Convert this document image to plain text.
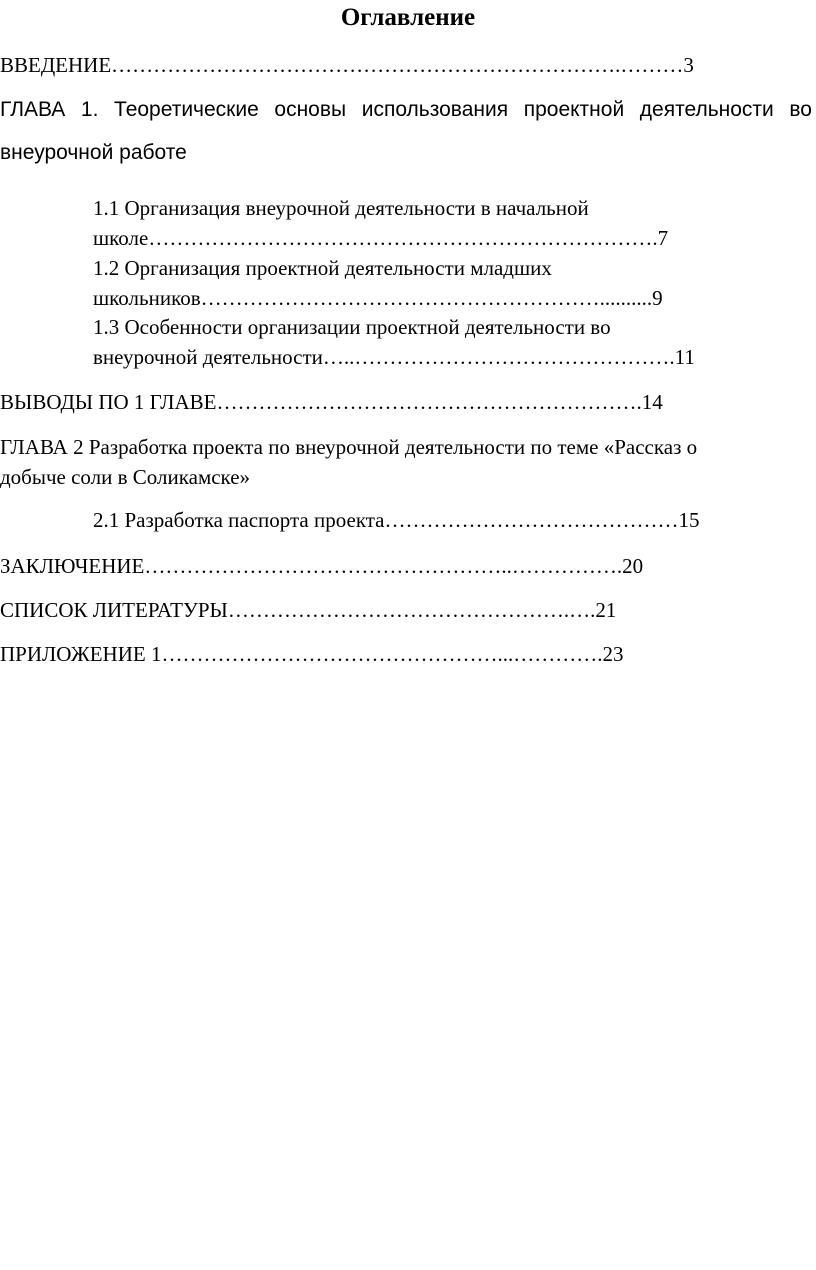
Оглавление
ВВЕДЕНИЕ……………………………………………………………….………3
ГЛАВА 1. Теоретические основы использования проектной деятельности во
внеурочной работе
1.1 Организация внеурочной деятельности в начальной
школе……………………………………………………………….7
1.2 Организация проектной деятельности младших
школьников…………………………………………………..........9
1.3 Особенности организации проектной деятельности во
внеурочной деятельности…..……………………………………….11
ВЫВОДЫ ПО 1 ГЛАВЕ…………………………………………………….14
ГЛАВА 2 Разработка проекта по внеурочной деятельности по теме «Рассказ о
добыче соли в Соликамске»
2.1 Разработка паспорта проекта……………………………………15
ЗАКЛЮЧЕНИЕ……………………………………………..…………….20
СПИСОК ЛИТЕРАТУРЫ………………………………………….….21
ПРИЛОЖЕНИЕ 1…………………………………………...………….23
